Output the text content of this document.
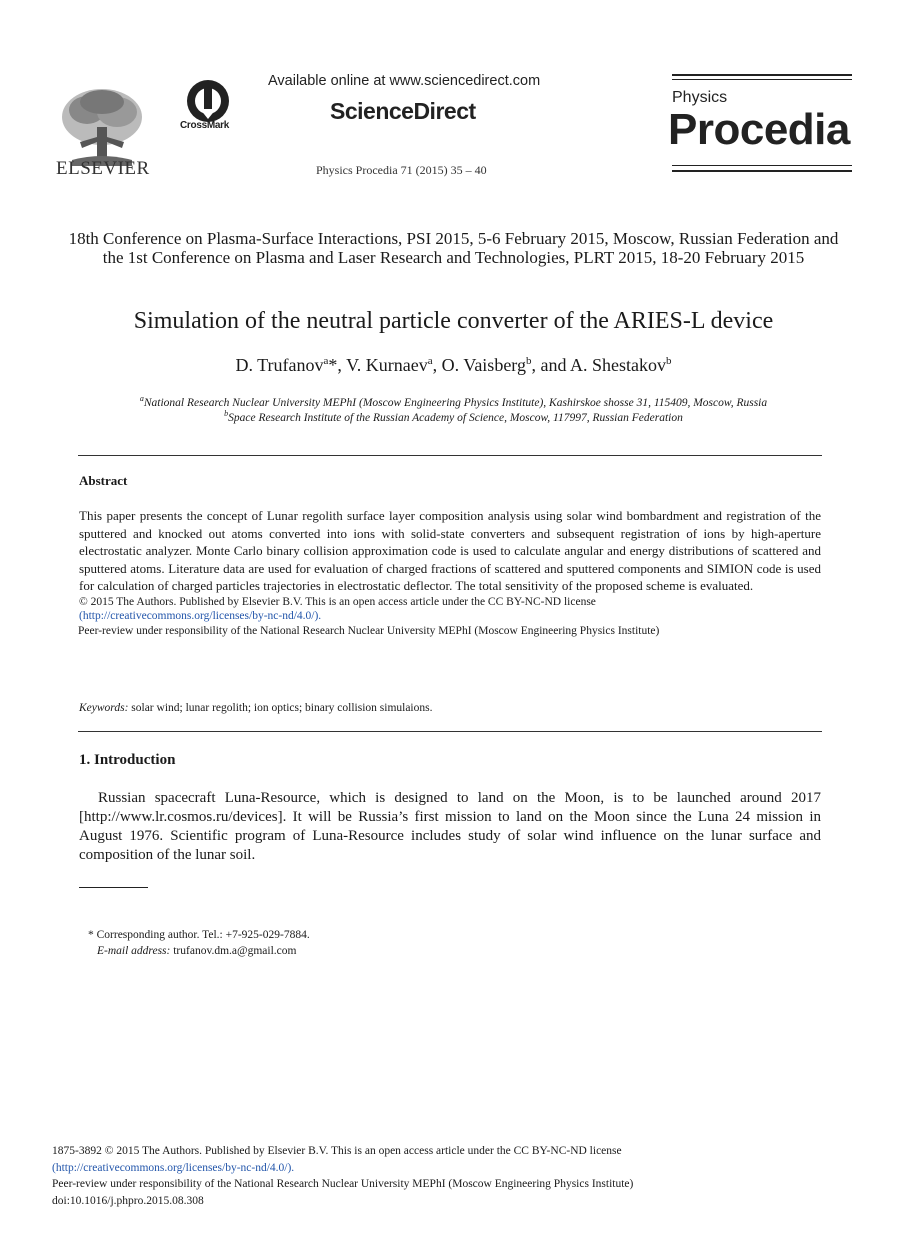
ELSEVIER
CrossMark
Available online at www.sciencedirect.com
ScienceDirect
Physics Procedia 71 (2015) 35 – 40
Physics
Procedia
18th Conference on Plasma-Surface Interactions, PSI 2015, 5-6 February 2015, Moscow, Russian Federation and the 1st Conference on Plasma and Laser Research and Technologies, PLRT 2015, 18-20 February 2015
Simulation of the neutral particle converter of the ARIES-L device
D. Trufanov$^a$*, V. Kurnaev$^a$, O. Vaisberg$^b$, and A. Shestakov$^b$
$^a$National Research Nuclear University MEPhI (Moscow Engineering Physics Institute), Kashirskoe shosse 31, 115409, Moscow, Russia
$^b$Space Research Institute of the Russian Academy of Science, Moscow, 117997, Russian Federation
Abstract
This paper presents the concept of Lunar regolith surface layer composition analysis using solar wind bombardment and registration of the sputtered and knocked out atoms converted into ions with solid-state converters and subsequent registration of ions by high-aperture electrostatic analyzer. Monte Carlo binary collision approximation code is used to calculate angular and energy distributions of scattered and sputtered atoms. Literature data are used for evaluation of charged fractions of scattered and sputtered components and SIMION code is used for calculation of charged particles trajectories in electrostatic deflector. The total sensitivity of the proposed scheme is evaluated.
© 2015 The Authors. Published by Elsevier B.V. This is an open access article under the CC BY-NC-ND license
(http://creativecommons.org/licenses/by-nc-nd/4.0/).
Peer-review under responsibility of the National Research Nuclear University MEPhI (Moscow Engineering Physics Institute)
Keywords: solar wind; lunar regolith; ion optics; binary collision simulaions.
1. Introduction
Russian spacecraft Luna-Resource, which is designed to land on the Moon, is to be launched around 2017 [http://www.lr.cosmos.ru/devices]. It will be Russia’s first mission to land on the Moon since the Luna 24 mission in August 1976. Scientific program of Luna-Resource includes study of solar wind influence on the lunar surface and composition of the lunar soil.
* Corresponding author. Tel.: +7-925-029-7884.
E-mail address: trufanov.dm.a@gmail.com
1875-3892 © 2015 The Authors. Published by Elsevier B.V. This is an open access article under the CC BY-NC-ND license
(http://creativecommons.org/licenses/by-nc-nd/4.0/).
Peer-review under responsibility of the National Research Nuclear University MEPhI (Moscow Engineering Physics Institute)
doi:10.1016/j.phpro.2015.08.308
